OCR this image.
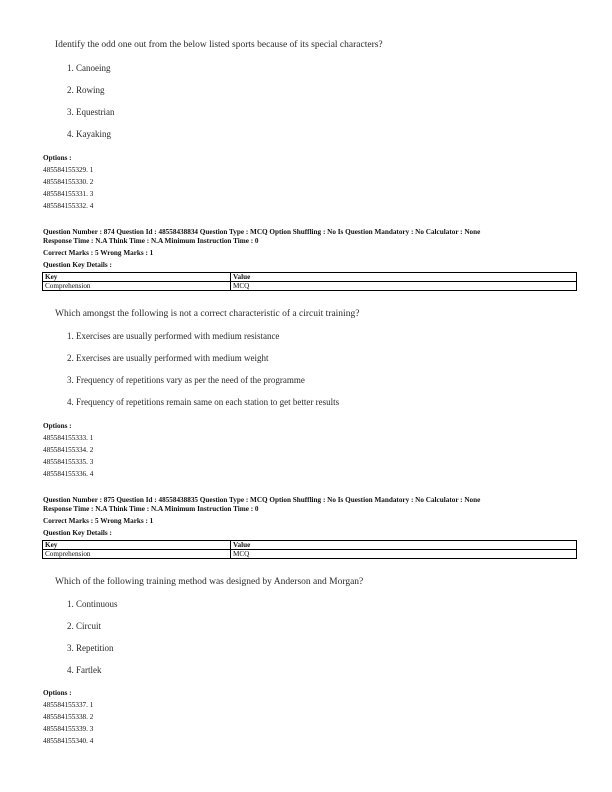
Identify the odd one out from the below listed sports because of its special characters?
1. Canoeing
2. Rowing
3. Equestrian
4. Kayaking
Options :
485584155329. 1
485584155330. 2
485584155331. 3
485584155332. 4
Question Number : 874 Question Id : 48558438834 Question Type : MCQ Option Shuffling : No Is Question Mandatory : No Calculator : None
Response Time : N.A Think Time : N.A Minimum Instruction Time : 0
Correct Marks : 5 Wrong Marks : 1
Question Key Details :
Key	Value
Comprehension	MCQ
Which amongst the following is not a correct characteristic of a circuit training?
1. Exercises are usually performed with medium resistance
2. Exercises are usually performed with medium weight
3. Frequency of repetitions vary as per the need of the programme
4. Frequency of repetitions remain same on each station to get better results
Options :
485584155333. 1
485584155334. 2
485584155335. 3
485584155336. 4
Question Number : 875 Question Id : 48558438835 Question Type : MCQ Option Shuffling : No Is Question Mandatory : No Calculator : None
Response Time : N.A Think Time : N.A Minimum Instruction Time : 0
Correct Marks : 5 Wrong Marks : 1
Question Key Details :
Key	Value
Comprehension	MCQ
Which of the following training method was designed by Anderson and Morgan?
1. Continuous
2. Circuit
3. Repetition
4. Fartlek
Options :
485584155337. 1
485584155338. 2
485584155339. 3
485584155340. 4
